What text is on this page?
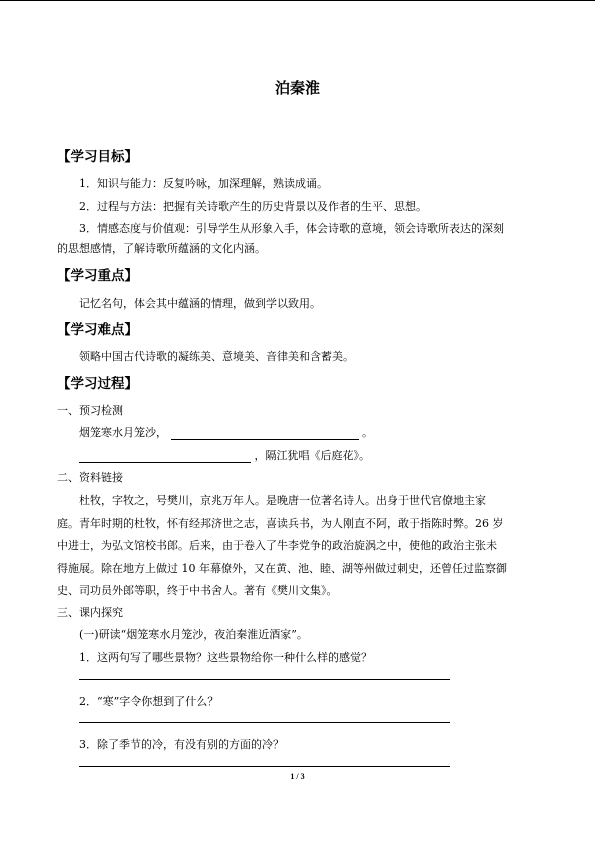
泊秦淮
【学习目标】
1．知识与能力：反复吟咏，加深理解，熟读成诵。
2．过程与方法：把握有关诗歌产生的历史背景以及作者的生平、思想。
3．情感态度与价值观：引导学生从形象入手，体会诗歌的意境，领会诗歌所表达的深刻
的思想感情，了解诗歌所蕴涵的文化内涵。
【学习重点】
记忆名句，体会其中蕴涵的情理，做到学以致用。
【学习难点】
领略中国古代诗歌的凝练美、意境美、音律美和含蓄美。
【学习过程】
一、预习检测
烟笼寒水月笼沙，	。
，隔江犹唱《后庭花》。
二、资料链接
杜牧，字牧之，号樊川，京兆万年人。是晚唐一位著名诗人。出身于世代官僚地主家
庭。青年时期的杜牧，怀有经邦济世之志，喜读兵书，为人刚直不阿，敢于指陈时弊。26 岁
中进士，为弘文馆校书郎。后来，由于卷入了牛李党争的政治旋涡之中，使他的政治主张未
得施展。除在地方上做过 10 年幕僚外，又在黄、池、睦、湖等州做过刺史，还曾任过监察御
史、司功员外郎等职，终于中书舍人。著有《樊川文集》。
三、课内探究
(一)研读“烟笼寒水月笼沙，夜泊秦淮近酒家”。
1．这两句写了哪些景物？这些景物给你一种什么样的感觉？
2．“寒”字令你想到了什么？
3．除了季节的冷，有没有别的方面的冷？
1 / 3
